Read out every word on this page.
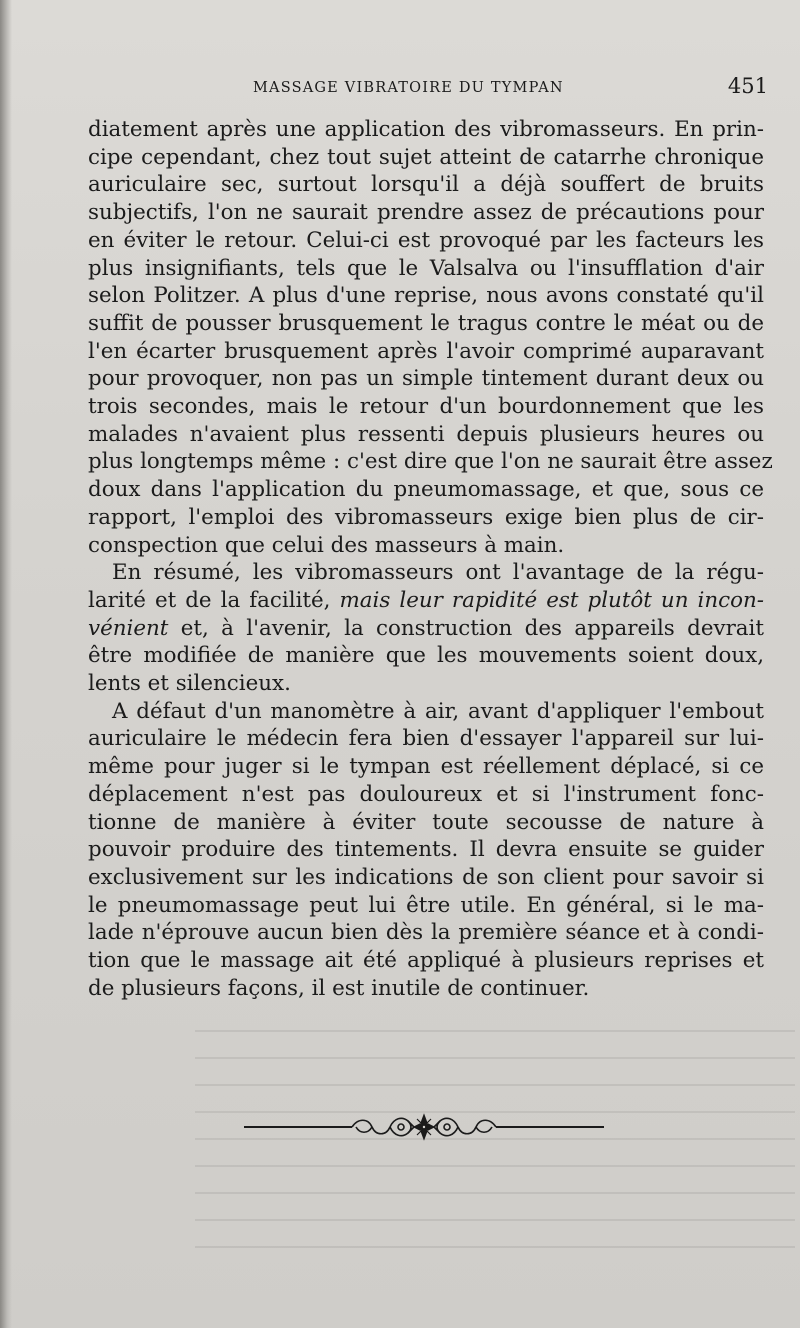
MASSAGE VIBRATOIRE DU TYMPAN	451

diatement après une application des vibromasseurs. En prin-
cipe cependant, chez tout sujet atteint de catarrhe chronique
auriculaire sec, surtout lorsqu'il a déjà souffert de bruits
subjectifs, l'on ne saurait prendre assez de précautions pour
en éviter le retour. Celui-ci est provoqué par les facteurs les
plus insignifiants, tels que le Valsalva ou l'insufflation d'air
selon Politzer. A plus d'une reprise, nous avons constaté qu'il
suffit de pousser brusquement le tragus contre le méat ou de
l'en écarter brusquement après l'avoir comprimé auparavant
pour provoquer, non pas un simple tintement durant deux ou
trois secondes, mais le retour d'un bourdonnement que les
malades n'avaient plus ressenti depuis plusieurs heures ou
plus longtemps même : c'est dire que l'on ne saurait être assez
doux dans l'application du pneumomassage, et que, sous ce
rapport, l'emploi des vibromasseurs exige bien plus de cir-
conspection que celui des masseurs à main.

En résumé, les vibromasseurs ont l'avantage de la régu-
larité et de la facilité, mais leur rapidité est plutôt un incon-
vénient et, à l'avenir, la construction des appareils devrait
être modifiée de manière que les mouvements soient doux,
lents et silencieux.

A défaut d'un manomètre à air, avant d'appliquer l'embout
auriculaire le médecin fera bien d'essayer l'appareil sur lui-
même pour juger si le tympan est réellement déplacé, si ce
déplacement n'est pas douloureux et si l'instrument fonc-
tionne de manière à éviter toute secousse de nature à
pouvoir produire des tintements. Il devra ensuite se guider
exclusivement sur les indications de son client pour savoir si
le pneumomassage peut lui être utile. En général, si le ma-
lade n'éprouve aucun bien dès la première séance et à condi-
tion que le massage ait été appliqué à plusieurs reprises et
de plusieurs façons, il est inutile de continuer.
